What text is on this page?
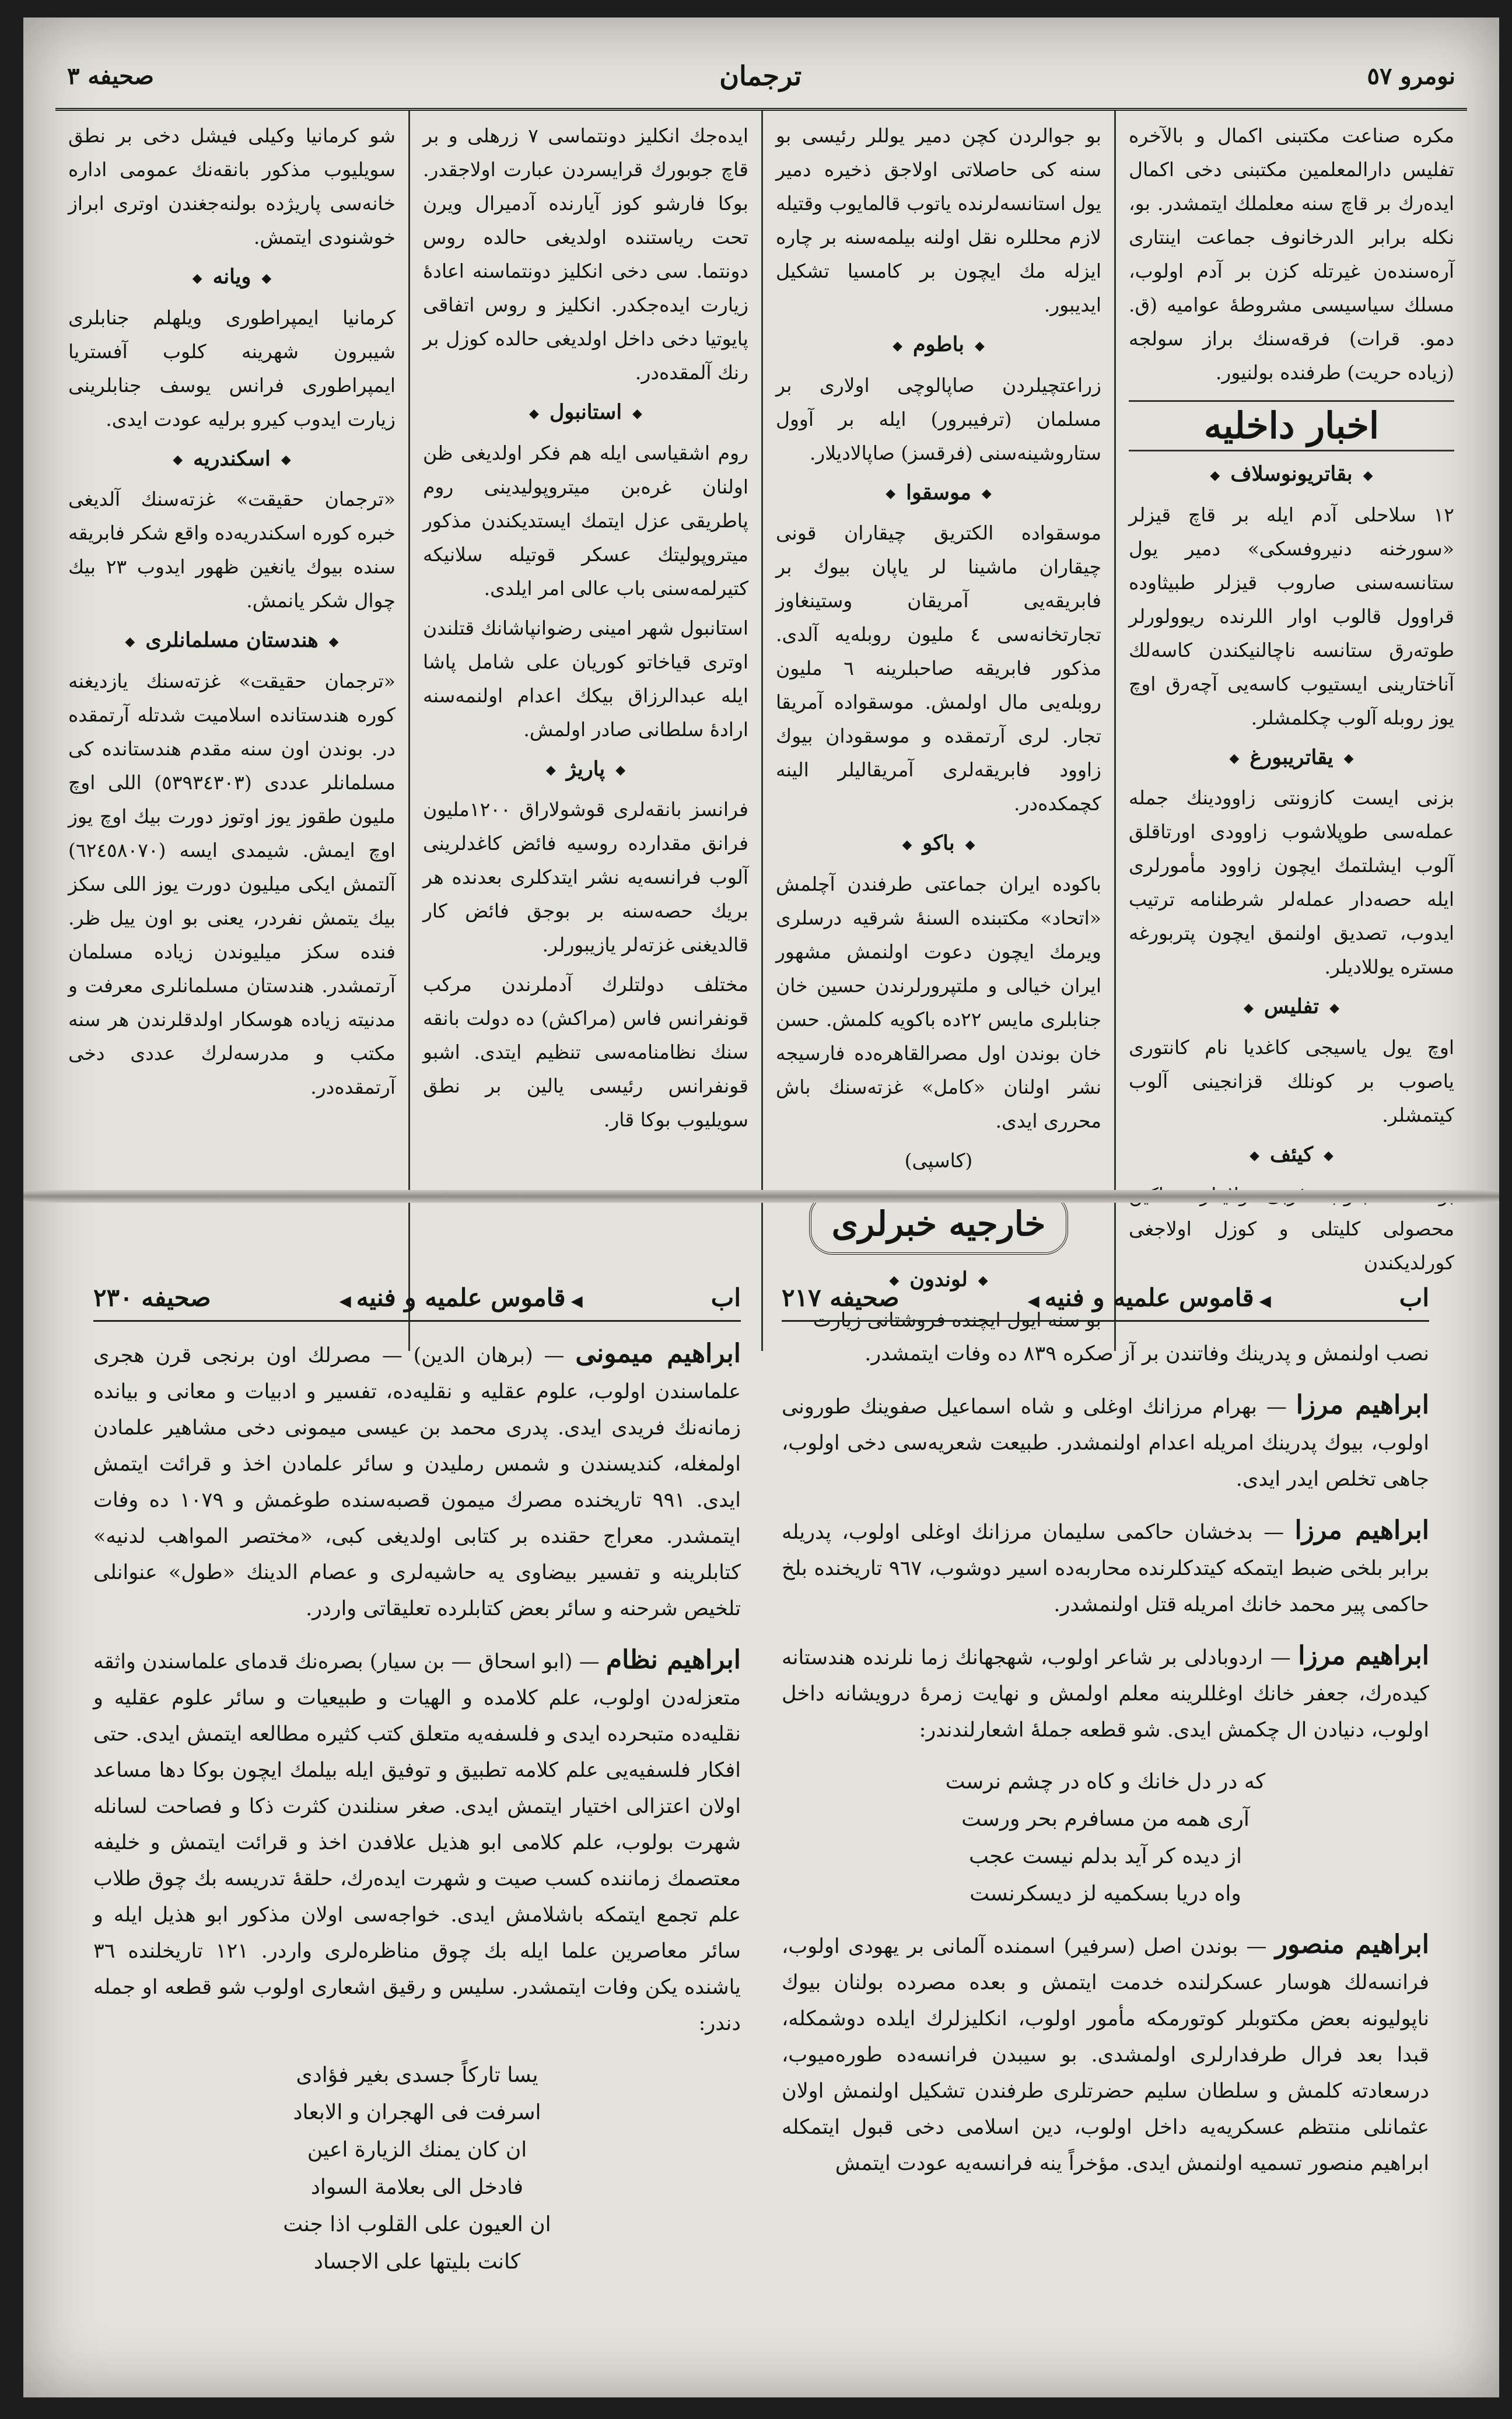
نومرو ٥٧
ترجمان
صحیفه ٣

مکره صناعت مکتبنی اکمال و بالآخره تفلیس دارالمعلمین مکتبنی دخی اکمال ایدەرك بر قاچ سنه معلملك ایتمشدر. بو، نکله برابر الدرخانوف جماعت اینتاری آرەسندەن غیرتله کزن بر آدم اولوب، مسلك سیاسیسی مشروطهٔ عوامیه (ق. دمو. قرات) فرقەسنك براز سولجه (زیادە حریت) طرفندە بولنیور.

اخبار داخلیه
◆ بقاتریونوسلاف ◆

١٢ سلاحلی آدم ایله بر قاچ قیزلر «سورخنه دنیروفسکی» دمیر یول ستانسەسنی صاروب قیزلر طبیثاوده قراوول قالوب اوار اللرنده ریوولورلر طوتەرق ستانسه ناچالنیکندن کاسەلك آناختارینی ایستیوب کاسەیی آچەرق اوچ یوز روبله آلوب چکلمشلر.

◆ یقاتریبورغ ◆

بزنی ایست کازونتی زاوودینك جمله عملەسی طوپلاشوب زاوودی اورتاقلق آلوب ایشلتمك ایچون زاوود مأمورلری ایله حصەدار عملەلر شرطنامه ترتیب ایدوب، تصدیق اولنمق ایچون پتربورغه مستره یوللادیلر.

◆ تفلیس ◆

اوچ یول یاسیجی کاغدیا نام کانتوری یاصوب بر کونلك قزانجینی آلوب کیتمشلر.

◆ کیئف ◆

محصولی کلیتلی و کوزل اولاجغی کورلدیکندن

بو جوالردن کچن دمیر یوللر رئیسی بو سنه کی حاصلاتی اولاجق ذخیره دمیر یول استانسەلرندە یاتوب قالمایوب وقتیله لازم محللره نقل اولنه بیلمەسنه بر چاره ایزله مك ایچون بر کامسیا تشکیل ایدیبور.

◆ باطوم ◆

زراعتچیلردن صاپالوچی اولاری بر مسلمان (ترفیبرور) ایله بر آوول ستاروشینەسنی (فرقسز) صاپالادیلار.

◆ موسقوا ◆

موسقوادە الکتریق چیقاران قونی چیقاران ماشینا لر یاپان بیوك بر فابریقەیی آمریقان وستینغاوز تجارتخانەسی ٤ ملیون روبلەیه آلدی. مذکور فابریقه صاحبلرینه ٦ ملیون روبلەیی مال اولمش. موسقوادە آمریقا تجار. لری آرتمقده و موسقودان بیوك زاوود فابریقەلری آمریقالیلر الینه کچمکدەدر.

◆ باکو ◆

باکوده ایران جماعتی طرفندن آچلمش «اتحاد» مکتبنده السنهٔ شرقیه درسلری ویرمك ایچون دعوت اولنمش مشهور ایران خیالی و ملتپرورلرندن حسین خان جنابلری مایس ٢٢ده باکویه کلمش. حسن خان بوندن اول مصرالقاهرەدە فارسیجه نشر اولنان «کامل» غزتەسنك باش محرری ایدی.

(کاسپی)

خارجیه خبرلری
◆ لوندون ◆

بو سنه ایول ایچنده فروشتانی زیارت

ایدەجك انکلیز دونتماسی ٧ زرهلی و بر قاچ جوبورك قرایسردن عبارت اولاجقدر. بوکا فارشو کوز آیارنده آدمیرال ویرن تحت ریاستنده اولدیغی حالده روس دونتما. سی دخی انکلیز دونتماسنه اعادهٔ زیارت ایدەجکدر. انکلیز و روس اتفاقی پایوتیا دخی داخل اولدیغی حالده کوزل بر رنك آلمقدەدر.

◆ استانبول ◆

روم اشقیاسی ایله هم فکر اولدیغی ظن اولنان غرەبن میتروپولیدینی روم پاطریقی عزل ایتمك ایستدیکندن مذکور میتروپولیتك عسکر قوتیله سلانیکه کتیرلمەسنی باب عالی امر ایلدی.

استانبول شهر امینی رضوانپاشانك قتلندن اوتری قیاخاتو کوریان علی شامل پاشا ایله عبدالرزاق بیکك اعدام اولنمەسنه ارادهٔ سلطانی صادر اولمش.

◆ پاریژ ◆

فرانسز بانقەلری قوشولاراق ١٢٠٠ملیون فرانق مقداردە روسیه فائض کاغدلرینی آلوب فرانسەیه نشر ایتدکلری بعدنده هر بریك حصەسنه بر بوجق فائض کار قالدیغنی غزتەلر یازیبورلر.

مختلف دولتلرك آدملرندن مرکب قونفرانس فاس (مراکش) ده دولت بانقه سنك نظامنامەسی تنظیم ایتدی. اشبو قونفرانس رئیسی یالین بر نطق سویلیوب بوکا قار.

شو کرمانیا وکیلی فیشل دخی بر نطق سویلیوب مذکور بانقەنك عمومی اداره خانەسی پاریژده بولنەجغندن اوتری ابراز خوشنودی ایتمش.

◆ ویانه ◆

کرمانیا ایمپراطوری ویلهلم جنابلری شیبرون شهرینه کلوب آفستریا ایمپراطوری فرانس یوسف جنابلرینی زیارت ایدوب کیرو برلیه عودت ایدی.

◆ اسکندریه ◆

«ترجمان حقیقت» غزتەسنك آلدیغی خبره کوره اسکندریەدە واقع شکر فابریقه سنده بیوك یانغین ظهور ایدوب ٢٣ بیك چوال شکر یانمش.

◆ هندستان مسلمانلری ◆

«ترجمان حقیقت» غزتەسنك یازدیغنه کوره هندستانده اسلامیت شدتله آرتمقدە در. بوندن اون سنه مقدم هندستانده کی مسلمانلر عددی (٥٣٩٣٤٣٠٣) اللی اوچ ملیون طقوز یوز اوتوز دورت بیك اوچ یوز اوچ ایمش. شیمدی ایسه (٦٢٤٥٨٠٧٠) آلتمش ایکی میلیون دورت یوز اللی سکز بیك یتمش نفردر، یعنی بو اون ییل ظر. فنده سکز میلیوندن زیاده مسلمان آرتمشدر. هندستان مسلمانلری معرفت و مدنیته زیاده هوسکار اولدقلرندن هر سنه مکتب و مدرسەلرك عددی دخی آرتمقدەدر.

اب
◀ قاموس علمیه و فنیه ◀
صحیفه ٢٣٠
ابراهیم میمونی — (برهان الدین) — مصرلك اون برنجی قرن هجری علماسندن اولوب، علوم عقلیه و نقلیەدە، تفسیر و ادبیات و معانی و بیانده زمانەنك فریدی ایدی. پدری محمد بن عیسی میمونی دخی مشاهیر علمادن اولمغله، کندیسندن و شمس رملیدن و سائر علمادن اخذ و قرائت ایتمش ایدی. ٩٩١ تاریخنده مصرك میمون قصبەسنده طوغمش و ١٠٧٩ ده وفات ایتمشدر. معراج حقنده بر کتابی اولدیغی کبی، «مختصر المواهب لدنیه» کتابلرینه و تفسیر بیضاوی یه حاشیەلری و عصام الدینك «طول» عنوانلی تلخیص شرحنه و سائر بعض کتابلرده تعلیقاتی واردر.
ابراهیم نظام — (ابو اسحاق — بن سیار) بصرەنك قدمای علماسندن واثقه متعزلەدن اولوب، علم کلامده و الهیات و طبیعیات و سائر علوم عقلیه و نقلیەدە متبحرده ایدی و فلسفەیه متعلق کتب کثیره مطالعه ایتمش ایدی. حتی افکار فلسفیەیی علم کلامه تطبیق و توفیق ایله بیلمك ایچون بوکا دها مساعد اولان اعتزالی اختیار ایتمش ایدی. صغر سنلندن کثرت ذکا و فصاحت لسانله شهرت بولوب، علم کلامی ابو هذیل علافدن اخذ و قرائت ایتمش و خلیفه معتصمك زمانندە کسب صیت و شهرت ایدەرك، حلقهٔ تدریسه بك چوق طلاب علم تجمع ایتمکه باشلامش ایدی. خواجەسی اولان مذکور ابو هذیل ایله و سائر معاصرین علما ایله بك چوق مناظرەلری واردر. ١٢١ تاریخلنده ٣٦ یاشنده یکن وفات ایتمشدر. سلیس و رقیق اشعاری اولوب شو قطعه او جمله دندر:
یسا تارکاً جسدی بغیر فؤادی
اسرفت فی الهجران و الابعاد
ان کان یمنك الزیارة اعین
فادخل الی بعلامة السواد
ان العیون علی القلوب اذا جنت
کانت بلیتها علی الاجساد
اب
◀ قاموس علمیه و فنیه ◀
صحیفه ٢١٧
نصب اولنمش و پدرینك وفاتندن بر آز صکره ٨٣٩ ده وفات ایتمشدر.
ابراهیم مرزا — بهرام مرزانك اوغلی و شاه اسماعیل صفوینك طورونی اولوب، بیوك پدرینك امریله اعدام اولنمشدر. طبیعت شعریەسی دخی اولوب، جاهی تخلص ایدر ایدی.
ابراهیم مرزا — بدخشان حاکمی سلیمان مرزانك اوغلی اولوب، پدریله برابر بلخی ضبط ایتمکه کیتدکلرنده محاربەدە اسیر دوشوب، ٩٦٧ تاریخنده بلخ حاکمی پیر محمد خانك امریله قتل اولنمشدر.
ابراهیم مرزا — اردوبادلی بر شاعر اولوب، شهجهانك زما نلرنده هندستانه کیدەرك، جعفر خانك اوغللرینه معلم اولمش و نهایت زمرهٔ درویشانه داخل اولوب، دنیادن ال چکمش ایدی. شو قطعه جملهٔ اشعارلندندر:
که در دل خانك و کاه در چشم نرست
آری همه من مسافرم بحر ورست
از دیده کر آید بدلم نیست عجب
واه دریا بسکمیه لز دیسکرنست
ابراهیم منصور — بوندن اصل (سرفیر) اسمنده آلمانی بر یهودی اولوب، فرانسەلك هوسار عسکرلنده خدمت ایتمش و بعده مصرده بولنان بیوك ناپولیونه بعض مکتوبلر کوتورمکه مأمور اولوب، انکلیزلرك ایلده دوشمکله، قبدا بعد فرال طرفدارلری اولمشدی. بو سیبدن فرانسەدە طورەمیوب، درسعادتە کلمش و سلطان سلیم حضرتلری طرفندن تشکیل اولنمش اولان عثمانلی منتظم عسکریەیه داخل اولوب، دین اسلامی دخی قبول ایتمکله ابراهیم منصور تسمیه اولنمش ایدی. مؤخراً ینه فرانسەیه عودت ایتمش
